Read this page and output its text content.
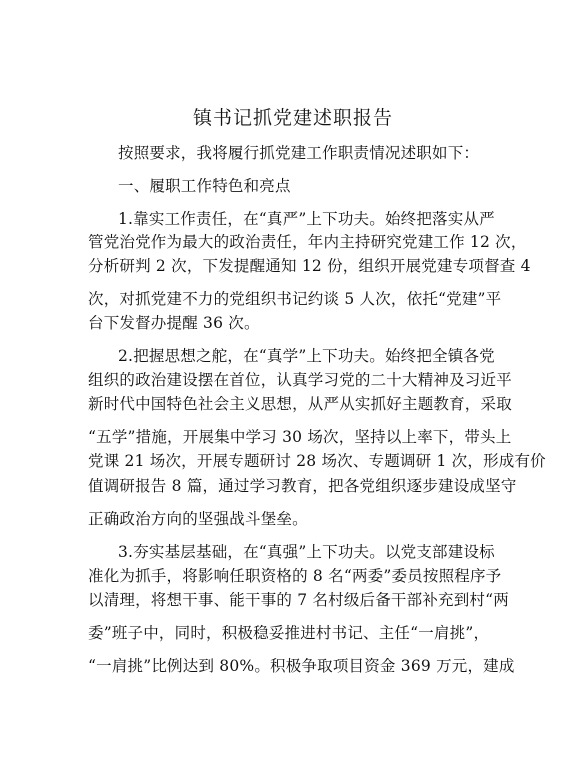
镇书记抓党建述职报告
按照要求，我将履行抓党建工作职责情况述职如下：
一、履职工作特色和亮点
1.靠实工作责任，在“真严”上下功夫。始终把落实从严
管党治党作为最大的政治责任，年内主持研究党建工作 12 次，
分析研判 2 次，下发提醒通知 12 份，组织开展党建专项督查 4
次，对抓党建不力的党组织书记约谈 5 人次，依托“党建”平
台下发督办提醒 36 次。
2.把握思想之舵，在“真学”上下功夫。始终把全镇各党
组织的政治建设摆在首位，认真学习党的二十大精神及习近平
新时代中国特色社会主义思想，从严从实抓好主题教育，采取
“五学”措施，开展集中学习 30 场次，坚持以上率下，带头上
党课 21 场次，开展专题研讨 28 场次、专题调研 1 次，形成有价
值调研报告 8 篇，通过学习教育，把各党组织逐步建设成坚守
正确政治方向的坚强战斗堡垒。
3.夯实基层基础，在“真强”上下功夫。以党支部建设标
准化为抓手，将影响任职资格的 8 名“两委”委员按照程序予
以清理，将想干事、能干事的 7 名村级后备干部补充到村“两
委”班子中，同时，积极稳妥推进村书记、主任“一肩挑”，
“一肩挑”比例达到 80%。积极争取项目资金 369 万元，建成
